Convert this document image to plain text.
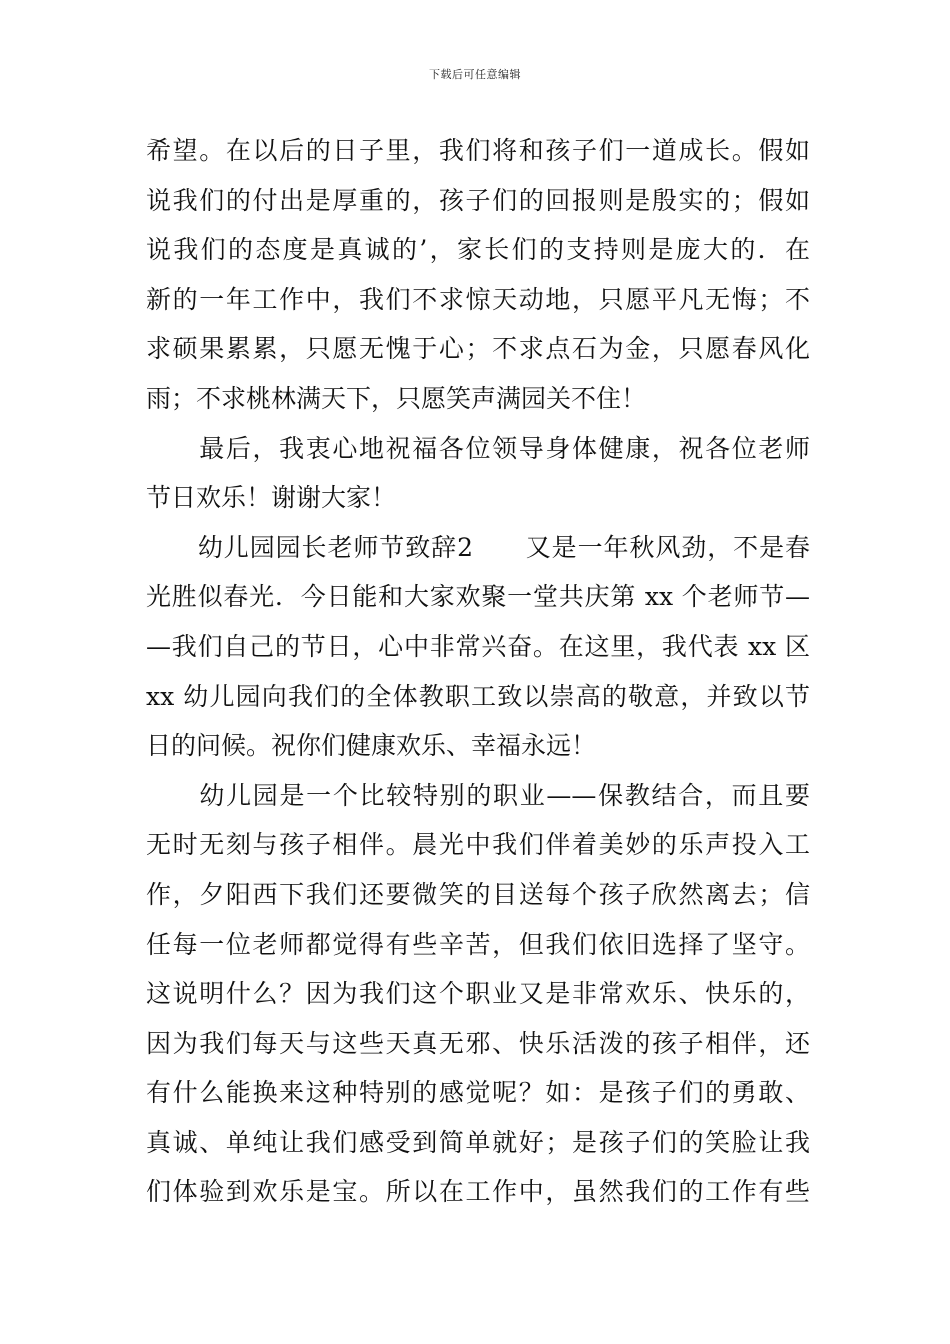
下载后可任意编辑
希望。在以后的日子里，我们将和孩子们一道成长。假如
说我们的付出是厚重的，孩子们的回报则是殷实的；假如
说我们的态度是真诚的’，家长们的支持则是庞大的．在
新的一年工作中，我们不求惊天动地，只愿平凡无悔；不
求硕果累累，只愿无愧于心；不求点石为金，只愿春风化
雨；不求桃林满天下，只愿笑声满园关不住！
　　最后，我衷心地祝福各位领导身体健康，祝各位老师
节日欢乐！谢谢大家！
　　幼儿园园长老师节致辞2　　又是一年秋风劲，不是春
光胜似春光．今日能和大家欢聚一堂共庆第 xx 个老师节—
—我们自己的节日，心中非常兴奋。在这里，我代表 xx 区
xx 幼儿园向我们的全体教职工致以崇高的敬意，并致以节
日的问候。祝你们健康欢乐、幸福永远！
　　幼儿园是一个比较特别的职业——保教结合，而且要
无时无刻与孩子相伴。晨光中我们伴着美妙的乐声投入工
作，夕阳西下我们还要微笑的目送每个孩子欣然离去；信
任每一位老师都觉得有些辛苦，但我们依旧选择了坚守。
这说明什么？因为我们这个职业又是非常欢乐、快乐的，
因为我们每天与这些天真无邪、快乐活泼的孩子相伴，还
有什么能换来这种特别的感觉呢？如：是孩子们的勇敢、
真诚、单纯让我们感受到简单就好；是孩子们的笑脸让我
们体验到欢乐是宝。所以在工作中，虽然我们的工作有些
